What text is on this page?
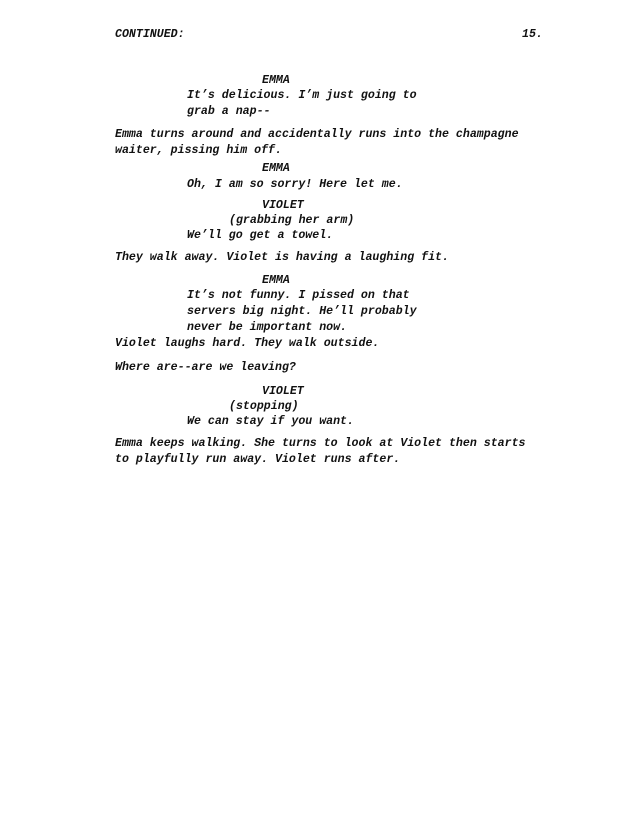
CONTINUED:	15.
EMMA
It’s delicious. I’m just going to
grab a nap--
Emma turns around and accidentally runs into the champagne
waiter, pissing him off.
EMMA
Oh, I am so sorry! Here let me.
VIOLET
(grabbing her arm)
We’ll go get a towel.
They walk away. Violet is having a laughing fit.
EMMA
It’s not funny. I pissed on that
servers big night. He’ll probably
never be important now.
Violet laughs hard. They walk outside.
Where are--are we leaving?
VIOLET
(stopping)
We can stay if you want.
Emma keeps walking. She turns to look at Violet then starts
to playfully run away. Violet runs after.
